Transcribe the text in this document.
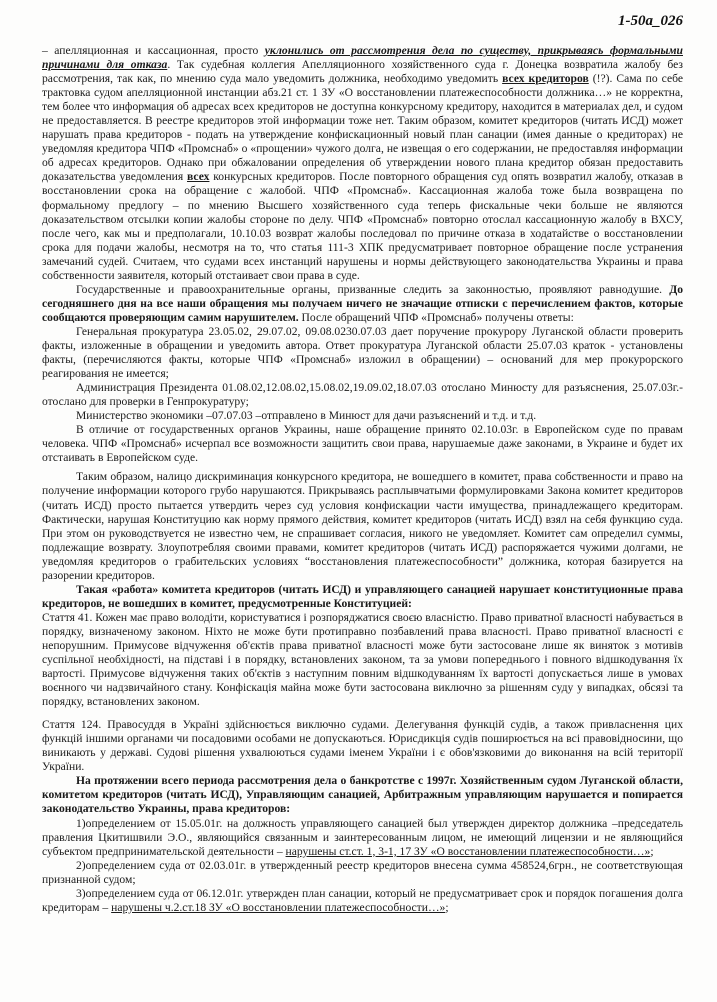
1-50а_026

– апелляционная и кассационная, просто уклонились от рассмотрения дела по существу, прикрываясь формальными причинами для отказа. Так судебная коллегия Апелляционного хозяйственного суда г. Донецка возвратила жалобу без рассмотрения, так как, по мнению суда мало уведомить должника, необходимо уведомить всех кредиторов (!?). Сама по себе трактовка судом апелляционной инстанции абз.21 ст. 1 ЗУ «О восстановлении платежеспособности должника…» не корректна, тем более что информация об адресах всех кредиторов не доступна конкурсному кредитору, находится в материалах дел, и судом не предоставляется. В реестре кредиторов этой информации тоже нет. Таким образом, комитет кредиторов (читать ИСД) может нарушать права кредиторов - подать на утверждение конфискационный новый план санации (имея данные о кредиторах) не уведомляя кредитора ЧПФ «Промснаб» о «прощении» чужого долга, не извещая о его содержании, не предоставляя информации об адресах кредиторов. Однако при обжаловании определения об утверждении нового плана кредитор обязан предоставить доказательства уведомления всех конкурсных кредиторов. После повторного обращения суд опять возвратил жалобу, отказав в восстановлении срока на обращение с жалобой. ЧПФ «Промснаб». Кассационная жалоба тоже была возвращена по формальному предлогу – по мнению Высшего хозяйственного суда теперь фискальные чеки больше не являются доказательством отсылки копии жалобы стороне по делу. ЧПФ «Промснаб» повторно отослал кассационную жалобу в ВХСУ, после чего, как мы и предполагали, 10.10.03 возврат жалобы последовал по причине отказа в ходатайстве о восстановлении срока для подачи жалобы, несмотря на то, что статья 111-3 ХПК предусматривает повторное обращение после устранения замечаний судей. Считаем, что судами всех инстанций нарушены и нормы действующего законодательства Украины и права собственности заявителя, который отстаивает свои права в суде.

Государственные и правоохранительные органы, призванные следить за законностью, проявляют равнодушие. До сегодняшнего дня на все наши обращения мы получаем ничего не значащие отписки с перечислением фактов, которые сообщаются проверяющим самим нарушителем. После обращений ЧПФ «Промснаб» получены ответы:

Генеральная прокуратура 23.05.02, 29.07.02, 09.08.0230.07.03 дает поручение прокурору Луганской области проверить факты, изложенные в обращении и уведомить автора. Ответ прокуратура Луганской области 25.07.03 краток - установлены факты, (перечисляются факты, которые ЧПФ «Промснаб» изложил в обращении) – оснований для мер прокурорского реагирования не имеется;

Администрация Президента 01.08.02,12.08.02,15.08.02,19.09.02,18.07.03 отослано Минюсту для разъяснения, 25.07.03г.- отослано для проверки в Генпрокуратуру;

Министерство экономики –07.07.03 –отправлено в Минюст для дачи разъяснений и т.д. и т.д.

В отличие от государственных органов Украины, наше обращение принято 02.10.03г. в Европейском суде по правам человека. ЧПФ «Промснаб» исчерпал все возможности защитить свои права, нарушаемые даже законами, в Украине и будет их отстаивать в Европейском суде.

Таким образом, налицо дискриминация конкурсного кредитора, не вошедшего в комитет, права собственности и право на получение информации которого грубо нарушаются. Прикрываясь расплывчатыми формулировками Закона комитет кредиторов (читать ИСД) просто пытается утвердить через суд условия конфискации части имущества, принадлежащего кредиторам. Фактически, нарушая Конституцию как норму прямого действия, комитет кредиторов (читать ИСД) взял на себя функцию суда. При этом он руководствуется не известно чем, не спрашивает согласия, никого не уведомляет. Комитет сам определил суммы, подлежащие возврату. Злоупотребляя своими правами, комитет кредиторов (читать ИСД) распоряжается чужими долгами, не уведомляя кредиторов о грабительских условиях “восстановления платежеспособности” должника, которая базируется на разорении кредиторов.

Такая «работа» комитета кредиторов (читать ИСД) и управляющего санацией нарушает конституционные права кредиторов, не вошедших в комитет, предусмотренные Конституцией:

Стаття 41. Кожен має право володіти, користуватися і розпоряджатися своєю власністю. Право приватної власності набувається в порядку, визначеному законом. Ніхто не може бути протиправно позбавлений права власності. Право приватної власності є непорушним. Примусове відчуження об'єктів права приватної власності може бути застосоване лише як виняток з мотивів суспільної необхідності, на підставі і в порядку, встановлених законом, та за умови попереднього і повного відшкодування їх вартості. Примусове відчуження таких об'єктів з наступним повним відшкодуванням їх вартості допускається лише в умовах воєнного чи надзвичайного стану. Конфіскація майна може бути застосована виключно за рішенням суду у випадках, обсязі та порядку, встановлених законом.

Стаття 124. Правосуддя в Україні здійснюється виключно судами. Делегування функцій судів, а також привласнення цих функцій іншими органами чи посадовими особами не допускаються. Юрисдикція судів поширюється на всі правовідносини, що виникають у державі. Судові рішення ухвалюються судами іменем України і є обов'язковими до виконання на всій території України.

На протяжении всего периода рассмотрения дела о банкротстве с 1997г. Хозяйственным судом Луганской области, комитетом кредиторов (читать ИСД), Управляющим санацией, Арбитражным управляющим нарушается и попирается законодательство Украины, права кредиторов:

1)определением от 15.05.01г. на должность управляющего санацией был утвержден директор должника –председатель правления Цкитишвили Э.О., являющийся связанным и заинтересованным лицом, не имеющий лицензии и не являющийся субъектом предпринимательской деятельности – нарушены ст.ст. 1, 3-1, 17 ЗУ «О восстановлении платежеспособности…»;

2)определением суда от 02.03.01г. в утвержденный реестр кредиторов внесена сумма 458524,6грн., не соответствующая признанной судом;

3)определением суда от 06.12.01г. утвержден план санации, который не предусматривает срок и порядок погашения долга кредиторам – нарушены ч.2.ст.18 ЗУ «О восстановлении платежеспособности…»;
